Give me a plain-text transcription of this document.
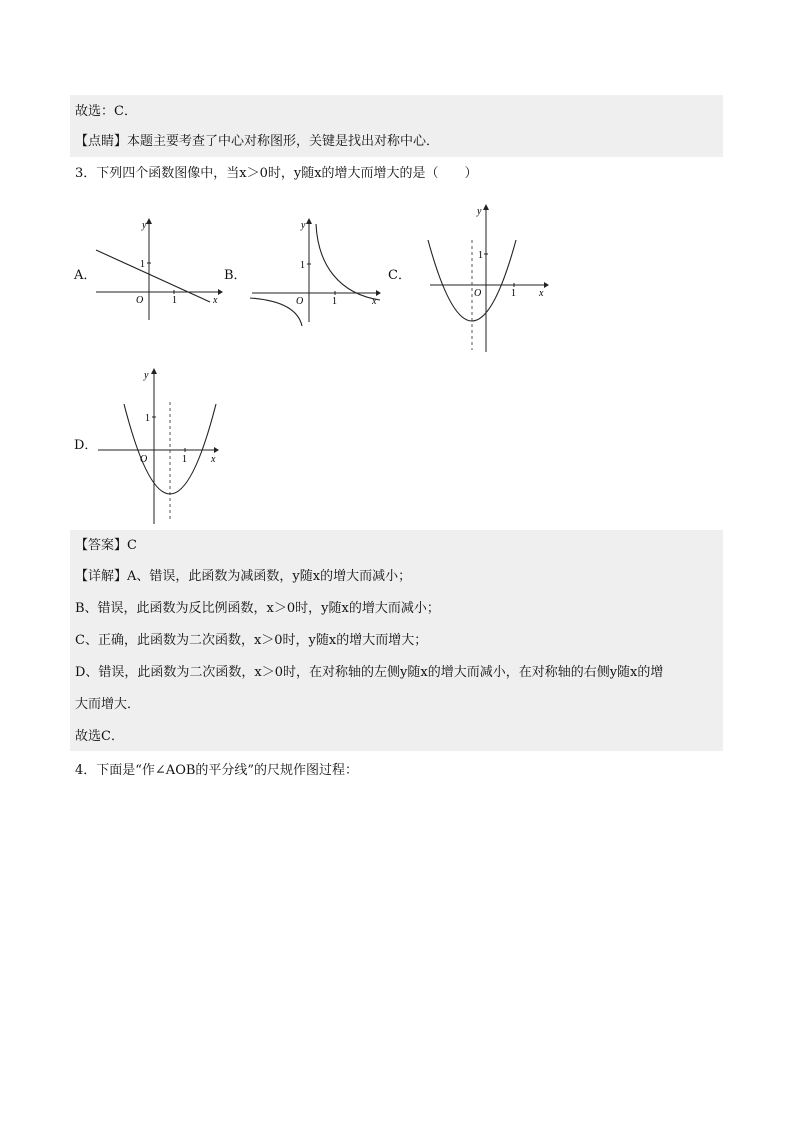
故选：C．
【点睛】本题主要考查了中心对称图形，关键是找出对称中心．
3．下列四个函数图像中，当x＞0时，y随x的增大而增大的是（　　）
A．
y
x
O
1
1
B．
y
x
O
1
1
C．
y
x
O
1
1
D．
y
x
O
1
1
【答案】C
【详解】A、错误，此函数为减函数，y随x的增大而减小；
B、错误，此函数为反比例函数，x＞0时，y随x的增大而减小；
C、正确，此函数为二次函数，x＞0时，y随x的增大而增大；
D、错误，此函数为二次函数，x＞0时，在对称轴的左侧y随x的增大而减小，在对称轴的右侧y随x的增
大而增大．
故选C．
4．下面是“作∠AOB的平分线”的尺规作图过程：
